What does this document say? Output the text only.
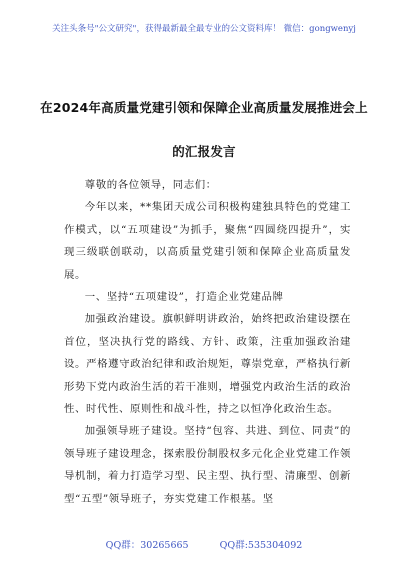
关注头条号"公文研究"，获得最新最全最专业的公文资料库！ 微信：gongwenyj
在2024年高质量党建引领和保障企业高质量发展推进会上
的汇报发言

尊敬的各位领导，同志们：

今年以来，**集团天成公司积极构建独具特色的党建工作模式，以“五项建设”为抓手，聚焦“四圆绕四提升”，实现三级联创联动，以高质量党建引领和保障企业高质量发展。

一、坚持“五项建设”，打造企业党建品牌

加强政治建设。旗帜鲜明讲政治，始终把政治建设摆在首位，坚决执行党的路线、方针、政策，注重加强政治建设。严格遵守政治纪律和政治规矩，尊崇党章，严格执行新形势下党内政治生活的若干准则，增强党内政治生活的政治性、时代性、原则性和战斗性，持之以恒净化政治生态。

加强领导班子建设。坚持“包容、共进、到位、同责”的领导班子建设理念，探索股份制股权多元化企业党建工作领导机制，着力打造学习型、民主型、执行型、清廉型、创新型“五型”领导班子，夯实党建工作根基。坚

QQ群：30265665	QQ群:535304092
